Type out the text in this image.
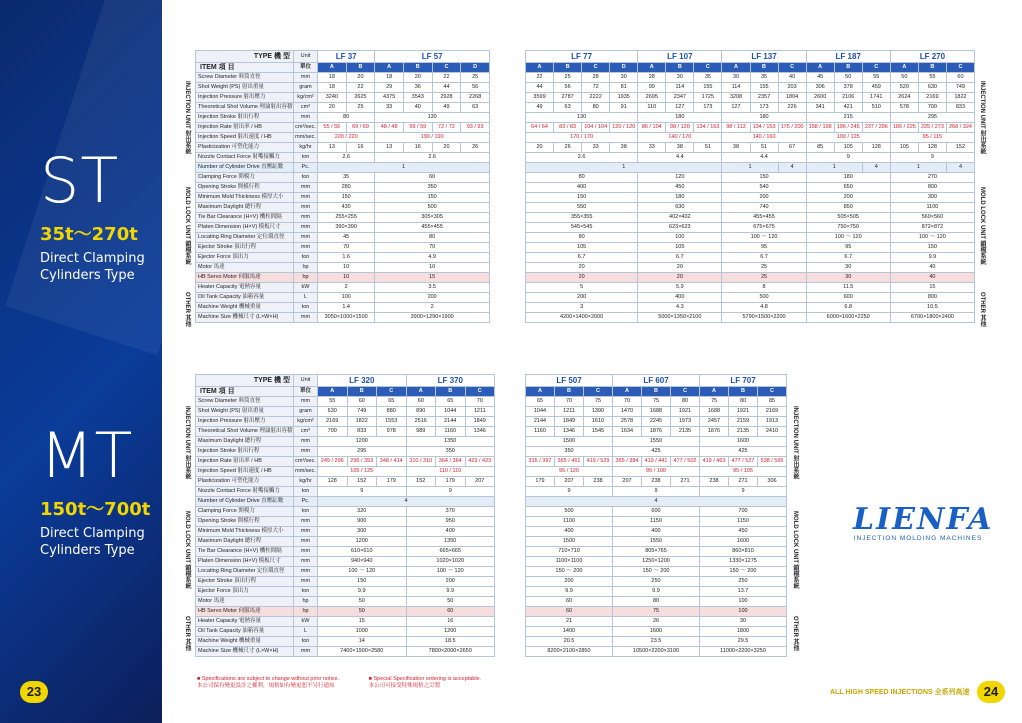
ST
35t～270t
Direct Clamping
Cylinders Type
MT
150t～700t
Direct Clamping
Cylinders Type
23	24
INJECTION UNIT 射出系統
MOLD LOCK UNIT 鎖模系統
OTHER 其他
INJECTION UNIT 射出系統
MOLD LOCK UNIT 鎖模系統
OTHER 其他
INJECTION UNIT 射出系統
MOLD LOCK UNIT 鎖模系統
OTHER 其他
INJECTION UNIT 射出系統
MOLD LOCK UNIT 鎖模系統
OTHER 其他
TYPE 機 型	Unit	LF 37		LF 57			
ITEM 項 目	單位	A	B	A	B	C	D
Screw Diameter 料筒直徑	mm	18	20	18	20	22	25
Shot Weight (PS) 射出重量	gram	18	22	29	36	44	56
Injection Pressure 射出壓力	kg/cm²	3240	2625	4375	3543	2928	2268
Theoretical Shot Volume 理論射出容積	cm³	20	25	33	40	49	63
Injection Stroke 射出行程	mm	80		130			
Injection Rate 射出率 / HB	cm³/sec.	55 / 55	69 / 69	48 / 48	59 / 59	72 / 72	93 / 93
Injection Speed 射出速度 / HB	mm/sec.	220 / 220		190 / 190			
Plasticization 可塑化能力	kg/hr	13	16	13	16	20	26
Nozzle Contact Force 射嘴接觸力	ton	2.6		2.6			
Number of Cylinder Drive 直壓缸數	Pc.	1					
Clamping Force 開模力	ton	35		60			
Opening Stroke 開模行程	mm	280		350			
Minimum Mold Thickness 模厚大小	mm	150		150			
Maximum Daylight 總行程	mm	430		500			
Tie Bar Clearance (H×V) 機柱間隔	mm	255×255		305×305			
Platen Dimension (H×V) 模板尺寸	mm	390×390		455×455			
Locating Ring Diameter 定位環直徑	mm	45		80			
Ejector Stroke 頂出行程	mm	70		70			
Ejector Force 頂出力	ton	1.6		4.9			
Motor 馬達	hp	10		10			
HB Servo Motor 伺服馬達	hp	10		15			
Heater Capacity 電熱容量	kW	2		3.5			
Oil Tank Capacity 油箱容量	L	100		200			
Machine Weight 機械重量	ton	1.4		2			
Machine Size 機械尺寸 (L×W×H)	mm	3050×1000×1500		3900×1290×1900			
LF 77				LF 107			LF 137			LF 187			LF 270		
A	B	C	D	A	B	C	A	B	C	A	B	C	A	B	C
22	25	28	30	28	30	35	30	35	40	45	50	55	50	55	60
44	56	72	81	99	114	155	114	155	203	306	378	459	520	630	749
3599	2787	2222	1935	2695	2347	1725	3208	2357	1804	2600	2106	1741	2624	2169	1822
49	63	80	91	110	127	173	127	173	226	341	421	510	578	700	833
130				180			180			215			295		
64 / 64	83 / 83	104 / 104	120 / 120	86 / 104	98 / 120	134 / 163	98 / 113	134 / 153	175 / 200	158 / 198	196 / 245	237 / 296	186 / 225	225 / 273	268 / 324
170 / 170				140 / 170			140 / 160			100 / 125			95 / 115		
20	26	33	38	33	38	51	38	51	67	85	105	128	105	128	152
2.6				4.4			4.4			9			9		
1							1		4	1		4	1		4
80				120			150			180			270		
400				450			540			650			800		
150				180			200			200			300		
550				630			740			850			1100		
355×355				402×402			455×455			505×505			560×560		
545×545				623×623			675×675			750×750			872×872		
80				100			100 ～ 120			100 ～ 120			100 ～ 120		
105				105			95			95			150		
6.7				6.7			6.7			6.7			9.9		
20				20			25			30			40		
20				20			25			30			40		
5				5.9			8			11.5			15		
200				400			500			600			800		
3				4.3			4.8			6.8			10.5		
4200×1400×2000				5000×1350×2100			5790×1500×2200			6000×1600×2250			6700×1800×2400		
TYPE 機 型	Unit	LF 320			LF 370		
ITEM 項 目	單位	A	B	C	A	B	C
Screw Diameter 料筒直徑	mm	55	60	65	60	65	70
Shot Weight (PS) 射出重量	gram	630	749	880	890	1044	1211
Injection Pressure 射出壓力	kg/cm²	2169	1822	1553	2516	2144	1849
Theoretical Shot Volume 理論射出容積	cm³	700	833	978	989	1160	1346
Maximum Daylight 總行程	mm	1200			1350		
Injection Stroke 射出行程	mm	295			350		
Injection Rate 射出率 / HB	cm³/sec.	249 / 296	296 / 353	348 / 414	310 / 310	364 / 364	423 / 423
Injection Speed 射出速度 / HB	mm/sec.	105 / 125			110 / 110		
Plasticization 可塑化能力	kg/hr	128	152	179	152	179	207
Nozzle Contact Force 射嘴接觸力	ton	9			9		
Number of Cylinder Drive 直壓缸數	Pc.	4					
Clamping Force 開模力	ton	320			370		
Opening Stroke 開模行程	mm	900			950		
Minimum Mold Thickness 模厚大小	mm	300			400		
Maximum Daylight 總行程	mm	1200			1350		
Tie Bar Clearance (H×V) 機柱間隔	mm	610×610			665×665		
Platen Dimension (H×V) 模板尺寸	mm	940×940			1020×1020		
Locating Ring Diameter 定位環直徑	mm	100 ～ 120			100 ～ 120		
Ejector Stroke 頂出行程	mm	150			200		
Ejector Force 頂出力	ton	9.9			9.9		
Motor 馬達	hp	50			50		
HB Servo Motor 伺服馬達	hp	50			60		
Heater Capacity 電熱容量	kW	15			16		
Oil Tank Capacity 油箱容量	L	1000			1200		
Machine Weight 機械重量	ton	14			18.5		
Machine Size 機械尺寸 (L×W×H)	mm	7400×1900×2580			7800×2000×2650		
LF 507			LF 607			LF 707		
A	B	C	A	B	C	A	B	C
65	70	75	70	75	80	75	80	85
1044	1211	1390	1470	1688	1921	1688	1921	2169
2144	1849	1610	2578	2245	1973	2457	2159	1913
1160	1346	1545	1634	1876	2135	1876	2135	2410
1500			1550			1600		
350			425			425		
315 / 397	365 / 461	419 / 529	365 / 384	419 / 441	477 / 502	419 / 463	477 / 527	538 / 595
95 / 120			95 / 100			95 / 105		
179	207	238	207	238	271	238	271	306
9			9			9		
4								
500			600			700		
1100			1150			1150		
400			400			450		
1500			1550			1600		
710×710			805×765			860×810		
1100×1100			1250×1200			1330×1275		
150 ～ 200			150 ～ 200			150 ～ 200		
200			250			250		
9.9			9.9			13.7		
60			80			100		
60			75			100		
21			26			30		
1400			1600			1800		
20.5			23.5			29.5		
8200×2100×2850			10500×2200×3100			11000×2200×3250		
■ Specifications are subject to change without prior notice.
本公司保有變更設計之權利，規格如有變更恕不另行通知 ■ Special Specification ordering is acceptable.
本公司可接受特殊規格之訂製
LIENFA
INJECTION MOLDING MACHINES
ALL HIGH SPEED INJECTIONS 全系列高速
